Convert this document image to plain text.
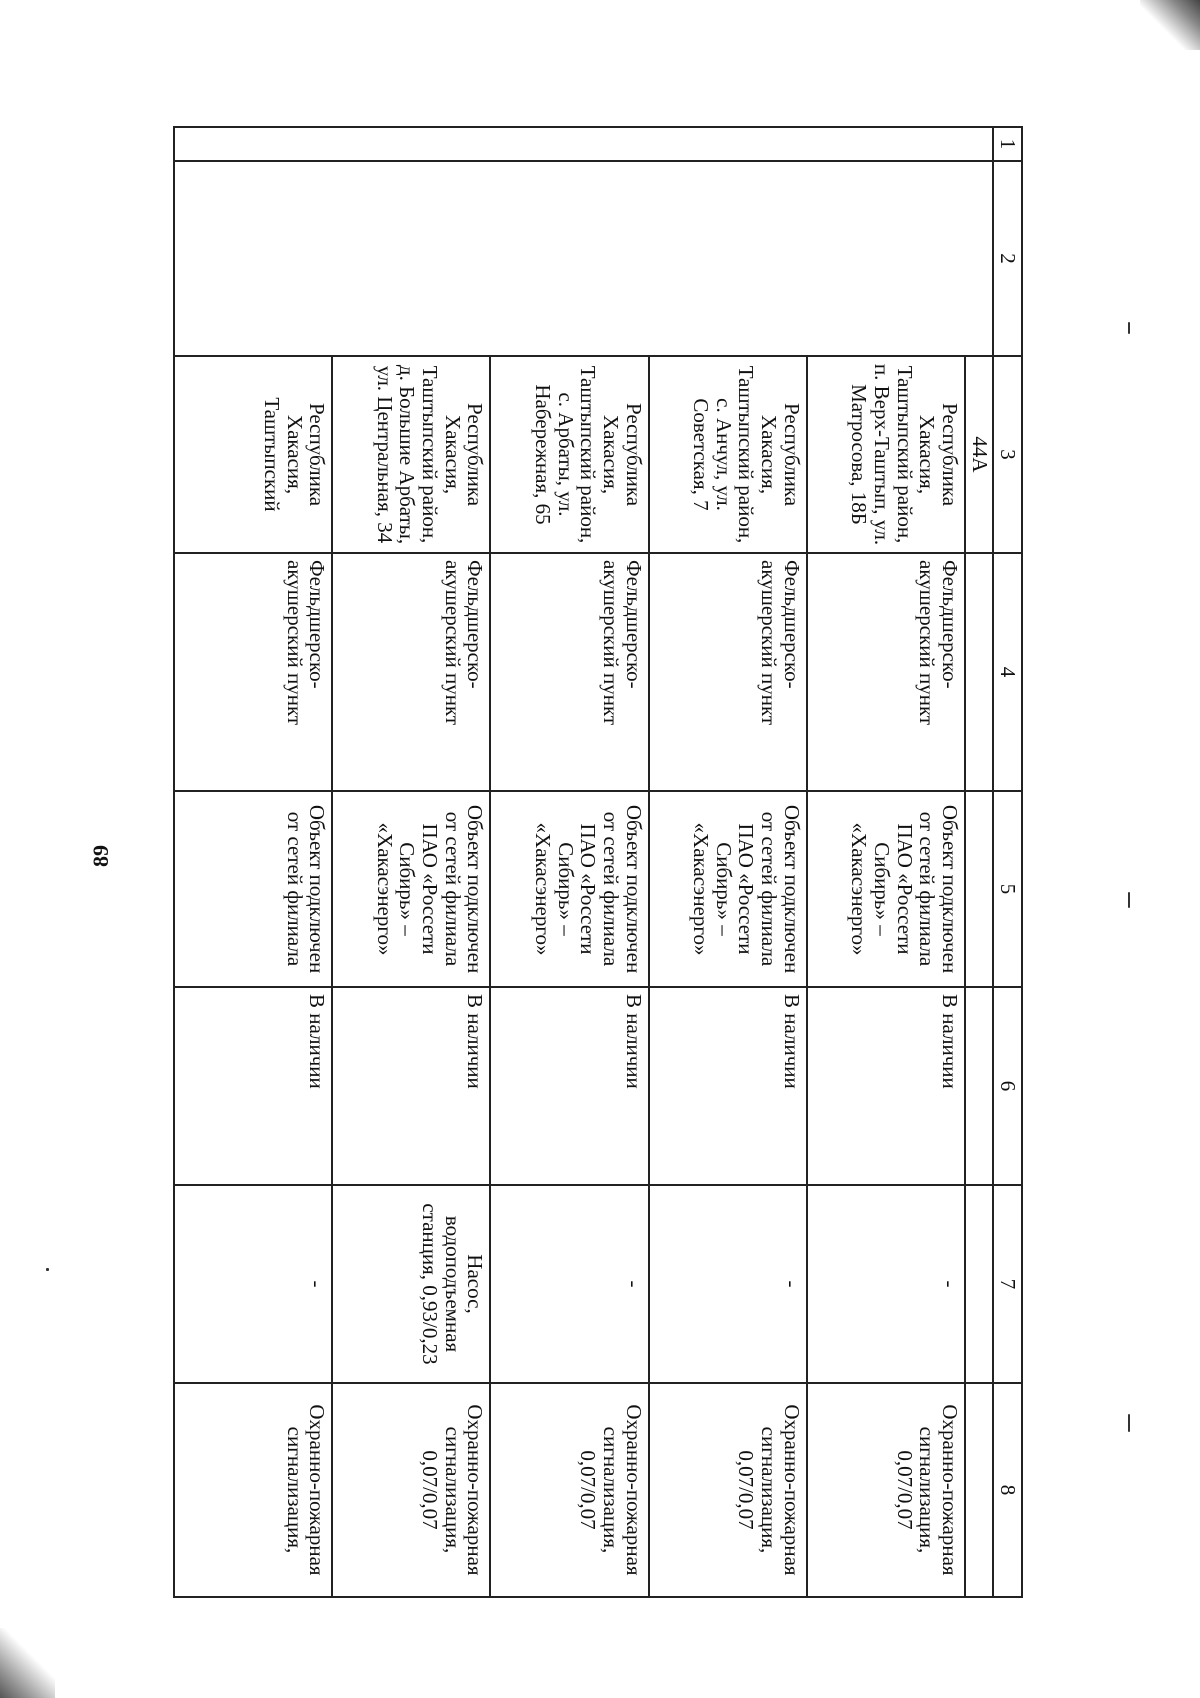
89
1	2	3	4	5	6	7	8
		44А					
		Республика Хакасия, Таштыпский район, п. Верх-Таштып, ул. Матросова, 18Б	Фельдшерско-акушерский пункт	Объект подключен от сетей филиала ПАО «Россети Сибирь» – «Хакасэнерго»	В наличии	-	Охранно-пожарная сигнализация, 0,07/0,07
		Республика Хакасия, Таштыпский район, с. Анчул, ул. Советская, 7	Фельдшерско-акушерский пункт	Объект подключен от сетей филиала ПАО «Россети Сибирь» – «Хакасэнерго»	В наличии	-	Охранно-пожарная сигнализация, 0,07/0,07
		Республика Хакасия, Таштыпский район, с. Арбаты, ул. Набережная, 65	Фельдшерско-акушерский пункт	Объект подключен от сетей филиала ПАО «Россети Сибирь» – «Хакасэнерго»	В наличии	-	Охранно-пожарная сигнализация, 0,07/0,07
		Республика Хакасия, Таштыпский район, д. Большие Арбаты, ул. Центральная, 34	Фельдшерско-акушерский пункт	Объект подключен от сетей филиала ПАО «Россети Сибирь» – «Хакасэнерго»	В наличии	Насос, водоподъемная станция, 0,93/0,23	Охранно-пожарная сигнализация, 0,07/0,07
		Республика Хакасия, Таштыпский	Фельдшерско-акушерский пункт	Объект подключен от сетей филиала	В наличии	-	Охранно-пожарная сигнализация,
